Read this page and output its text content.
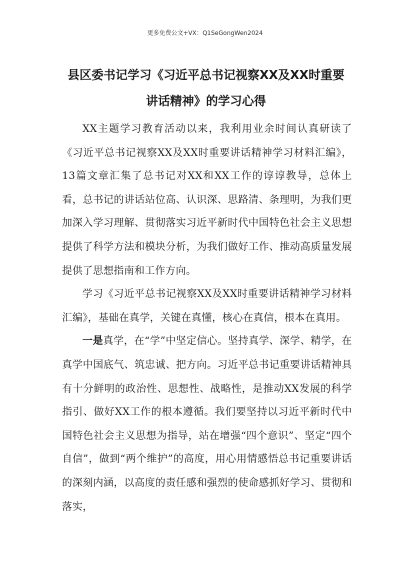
更多免费公文+VX：Q1SeGongWen2024
县区委书记学习《习近平总书记视察XX及XX时重要讲话精神》的学习心得

XX主题学习教育活动以来，我利用业余时间认真研读了《习近平总书记视察XX及XX时重要讲话精神学习材料汇编》，13篇文章汇集了总书记对XX和XX工作的谆谆教导，总体上看，总书记的讲话站位高、认识深、思路清、条理明，为我们更加深入学习理解、贯彻落实习近平新时代中国特色社会主义思想提供了科学方法和模块分析，为我们做好工作、推动高质量发展提供了思想指南和工作方向。

学习《习近平总书记视察XX及XX时重要讲话精神学习材料汇编》，基础在真学，关键在真懂，核心在真信，根本在真用。

一是真学，在“学”中坚定信心。坚持真学、深学、精学，在真学中国底气、筑忠诚、把方向。习近平总书记重要讲话精神具有十分鲜明的政治性、思想性、战略性，是推动XX发展的科学指引、做好XX工作的根本遵循。我们要坚持以习近平新时代中国特色社会主义思想为指导，站在增强“四个意识”、坚定“四个自信”，做到“两个维护”的高度，用心用情感悟总书记重要讲话的深刻内涵，以高度的责任感和强烈的使命感抓好学习、贯彻和落实，
